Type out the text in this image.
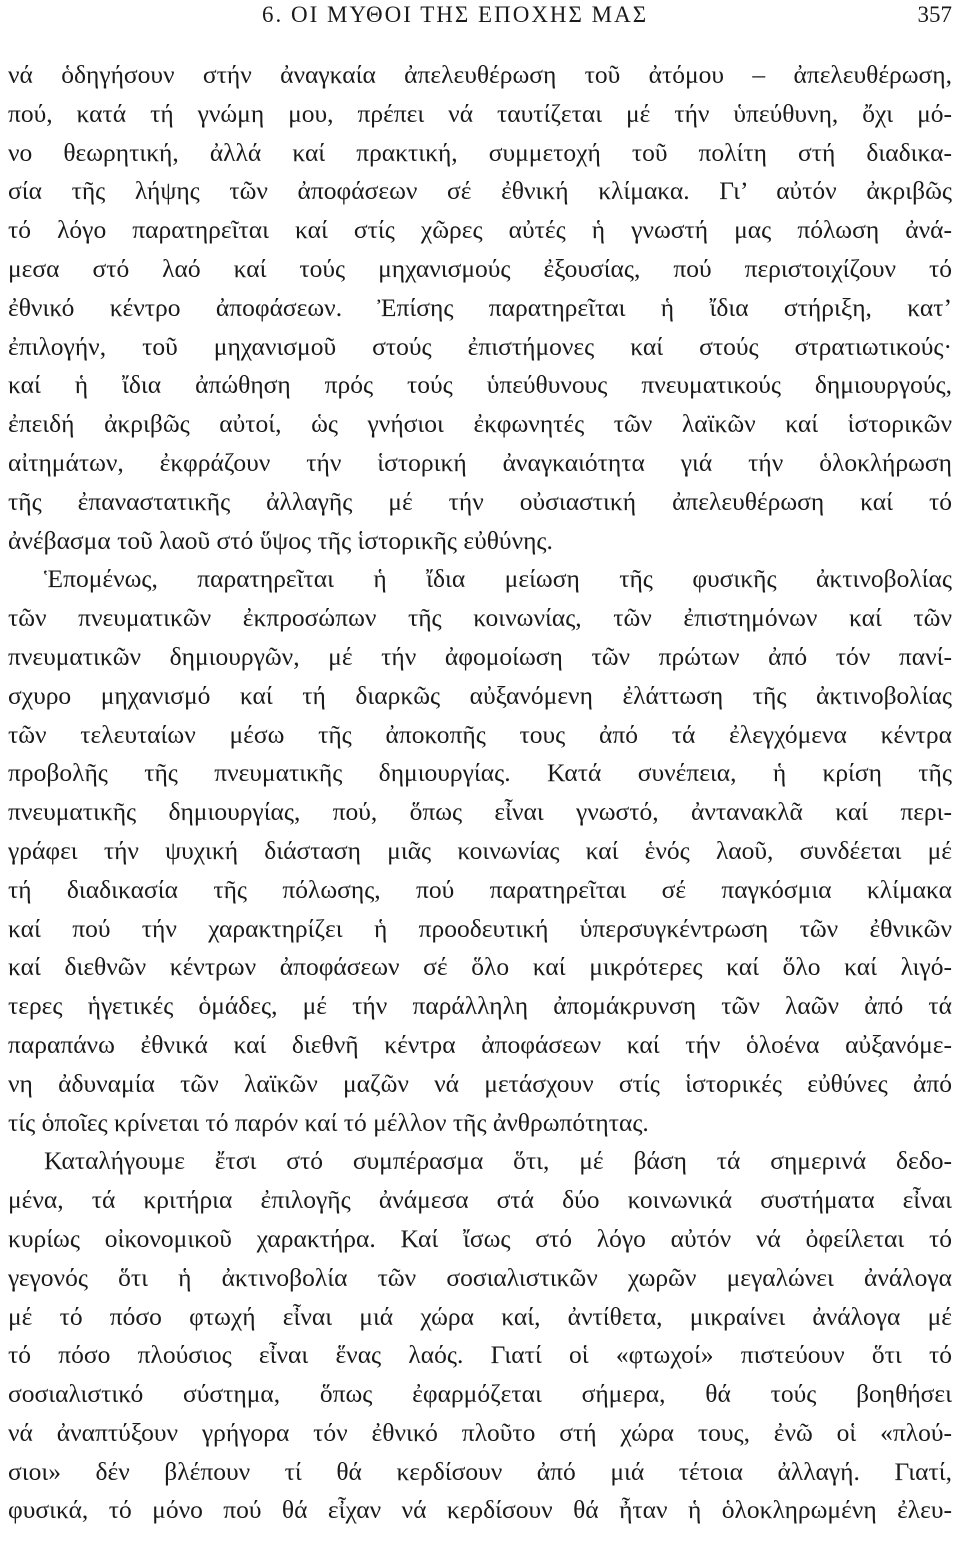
6. ΟΙ ΜΥΘΟΙ ΤΗΣ ΕΠΟΧΗΣ ΜΑΣ	357
νά ὁδηγήσουν στήν ἀναγκαία ἀπελευθέρωση τοῦ ἀτόμου – ἀπελευθέρωση,
πού, κατά τή γνώμη μου, πρέπει νά ταυτίζεται μέ τήν ὑπεύθυνη, ὄχι μό-
νο θεωρητική, ἀλλά καί πρακτική, συμμετοχή τοῦ πολίτη στή διαδικα-
σία τῆς λήψης τῶν ἀποφάσεων σέ ἐθνική κλίμακα. Γι’ αὐτόν ἀκριβῶς
τό λόγο παρατηρεῖται καί στίς χῶρες αὐτές ἡ γνωστή μας πόλωση ἀνά-
μεσα στό λαό καί τούς μηχανισμούς ἐξουσίας, πού περιστοιχίζουν τό
ἐθνικό κέντρο ἀποφάσεων. Ἐπίσης παρατηρεῖται ἡ ἴδια στήριξη, κατ’
ἐπιλογήν, τοῦ μηχανισμοῦ στούς ἐπιστήμονες καί στούς στρατιωτικούς·
καί ἡ ἴδια ἀπώθηση πρός τούς ὑπεύθυνους πνευματικούς δημιουργούς,
ἐπειδή ἀκριβῶς αὐτοί, ὡς γνήσιοι ἐκφωνητές τῶν λαϊκῶν καί ἱστορικῶν
αἰτημάτων, ἐκφράζουν τήν ἱστορική ἀναγκαιότητα γιά τήν ὁλοκλήρωση
τῆς ἐπαναστατικῆς ἀλλαγῆς μέ τήν οὐσιαστική ἀπελευθέρωση καί τό
ἀνέβασμα τοῦ λαοῦ στό ὕψος τῆς ἱστορικῆς εὐθύνης.
Ἑπομένως, παρατηρεῖται ἡ ἴδια μείωση τῆς φυσικῆς ἀκτινοβολίας
τῶν πνευματικῶν ἐκπροσώπων τῆς κοινωνίας, τῶν ἐπιστημόνων καί τῶν
πνευματικῶν δημιουργῶν, μέ τήν ἀφομοίωση τῶν πρώτων ἀπό τόν πανί-
σχυρο μηχανισμό καί τή διαρκῶς αὐξανόμενη ἐλάττωση τῆς ἀκτινοβολίας
τῶν τελευταίων μέσω τῆς ἀποκοπῆς τους ἀπό τά ἐλεγχόμενα κέντρα
προβολῆς τῆς πνευματικῆς δημιουργίας. Κατά συνέπεια, ἡ κρίση τῆς
πνευματικῆς δημιουργίας, πού, ὅπως εἶναι γνωστό, ἀντανακλᾶ καί περι-
γράφει τήν ψυχική διάσταση μιᾶς κοινωνίας καί ἑνός λαοῦ, συνδέεται μέ
τή διαδικασία τῆς πόλωσης, πού παρατηρεῖται σέ παγκόσμια κλίμακα
καί πού τήν χαρακτηρίζει ἡ προοδευτική ὑπερσυγκέντρωση τῶν ἐθνικῶν
καί διεθνῶν κέντρων ἀποφάσεων σέ ὅλο καί μικρότερες καί ὅλο καί λιγό-
τερες ἡγετικές ὁμάδες, μέ τήν παράλληλη ἀπομάκρυνση τῶν λαῶν ἀπό τά
παραπάνω ἐθνικά καί διεθνῆ κέντρα ἀποφάσεων καί τήν ὁλοένα αὐξανόμε-
νη ἀδυναμία τῶν λαϊκῶν μαζῶν νά μετάσχουν στίς ἱστορικές εὐθύνες ἀπό
τίς ὁποῖες κρίνεται τό παρόν καί τό μέλλον τῆς ἀνθρωπότητας.
Καταλήγουμε ἔτσι στό συμπέρασμα ὅτι, μέ βάση τά σημερινά δεδο-
μένα, τά κριτήρια ἐπιλογῆς ἀνάμεσα στά δύο κοινωνικά συστήματα εἶναι
κυρίως οἰκονομικοῦ χαρακτήρα. Καί ἴσως στό λόγο αὐτόν νά ὀφείλεται τό
γεγονός ὅτι ἡ ἀκτινοβολία τῶν σοσιαλιστικῶν χωρῶν μεγαλώνει ἀνάλογα
μέ τό πόσο φτωχή εἶναι μιά χώρα καί, ἀντίθετα, μικραίνει ἀνάλογα μέ
τό πόσο πλούσιος εἶναι ἕνας λαός. Γιατί οἱ «φτωχοί» πιστεύουν ὅτι τό
σοσιαλιστικό σύστημα, ὅπως ἐφαρμόζεται σήμερα, θά τούς βοηθήσει
νά ἀναπτύξουν γρήγορα τόν ἐθνικό πλοῦτο στή χώρα τους, ἐνῶ οἱ «πλού-
σιοι» δέν βλέπουν τί θά κερδίσουν ἀπό μιά τέτοια ἀλλαγή. Γιατί,
φυσικά, τό μόνο πού θά εἶχαν νά κερδίσουν θά ἦταν ἡ ὁλοκληρωμένη ἐλευ-
